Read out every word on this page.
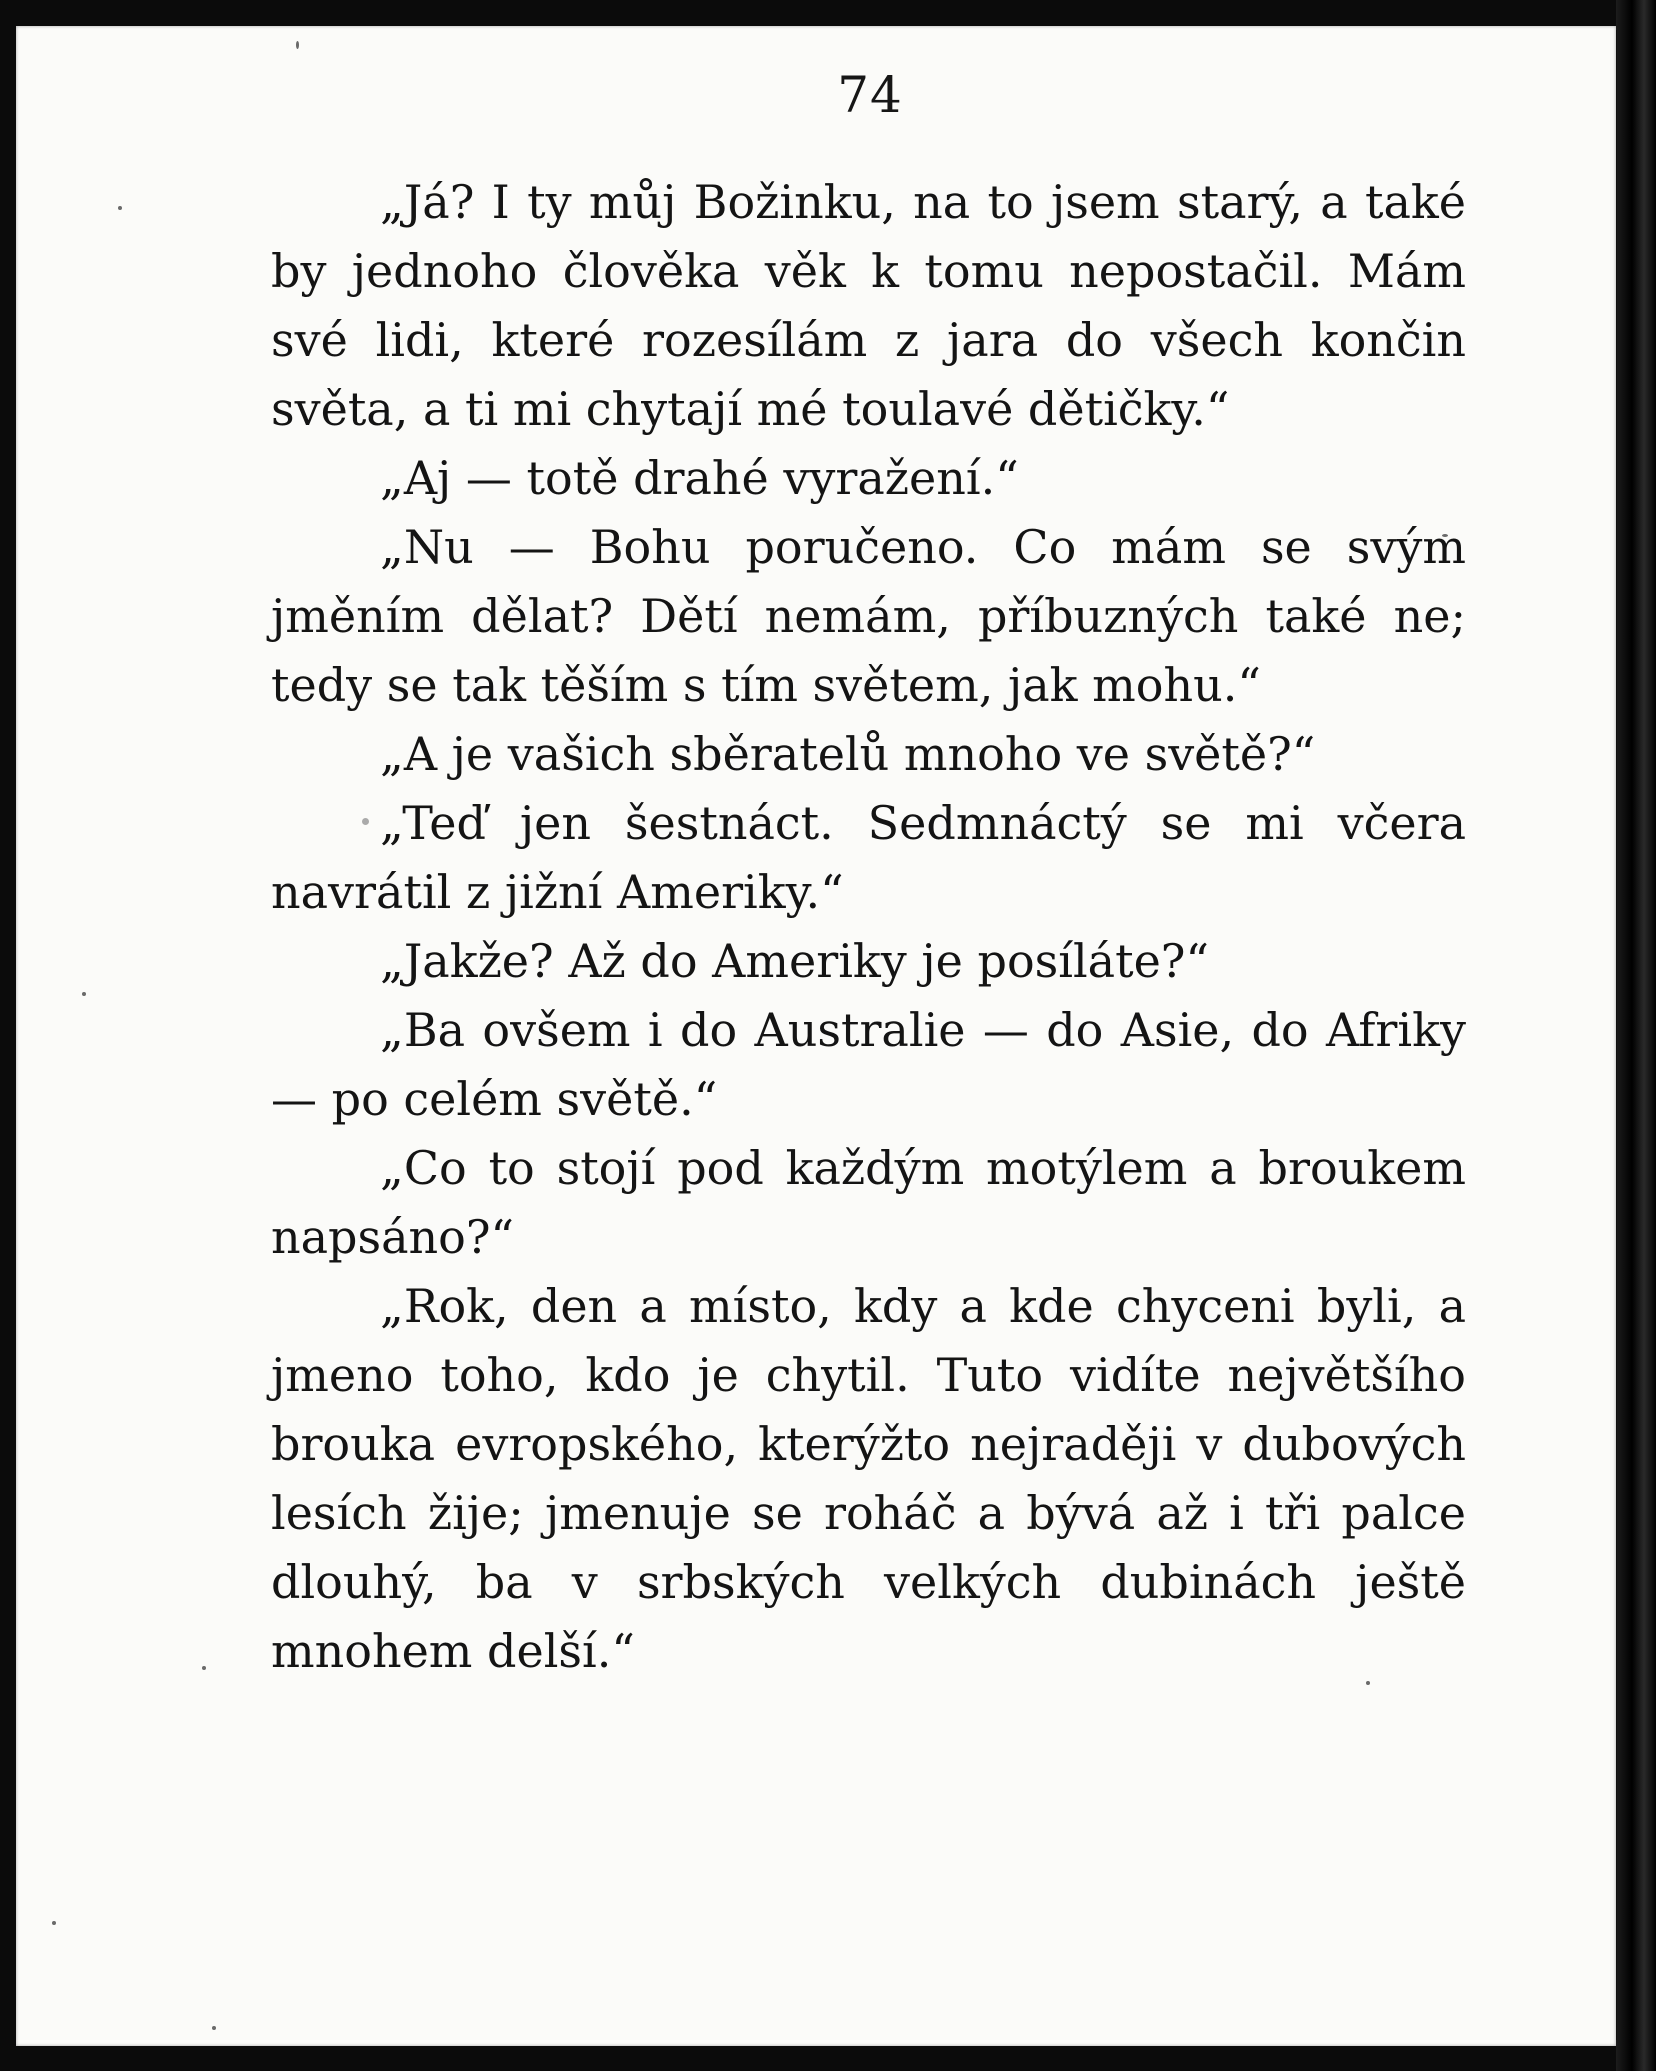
74

„Já? I ty můj Božinku, na to jsem starý, a také by jednoho člověka věk k tomu nepostačil. Mám své lidi, které rozesílám z jara do všech končin světa, a ti mi chytají mé toulavé dětičky.“

„Aj — totě drahé vyražení.“

„Nu — Bohu poručeno. Co mám se svým jměním dělat? Dětí nemám, příbuzných také ne; tedy se tak těším s tím světem, jak mohu.“

„A je vašich sběratelů mnoho ve světě?“

„Teď jen šestnáct. Sedmnáctý se mi včera navrátil z jižní Ameriky.“

„Jakže? Až do Ameriky je posíláte?“

„Ba ovšem i do Australie — do Asie, do Afriky — po celém světě.“

„Co to stojí pod každým motýlem a broukem napsáno?“

„Rok, den a místo, kdy a kde chyceni byli, a jmeno toho, kdo je chytil. Tuto vidíte největšího brouka evropského, kterýžto nejraději v dubových lesích žije; jmenuje se roháč a bývá až i tři palce dlouhý, ba v srbských velkých dubinách ještě mnohem delší.“
